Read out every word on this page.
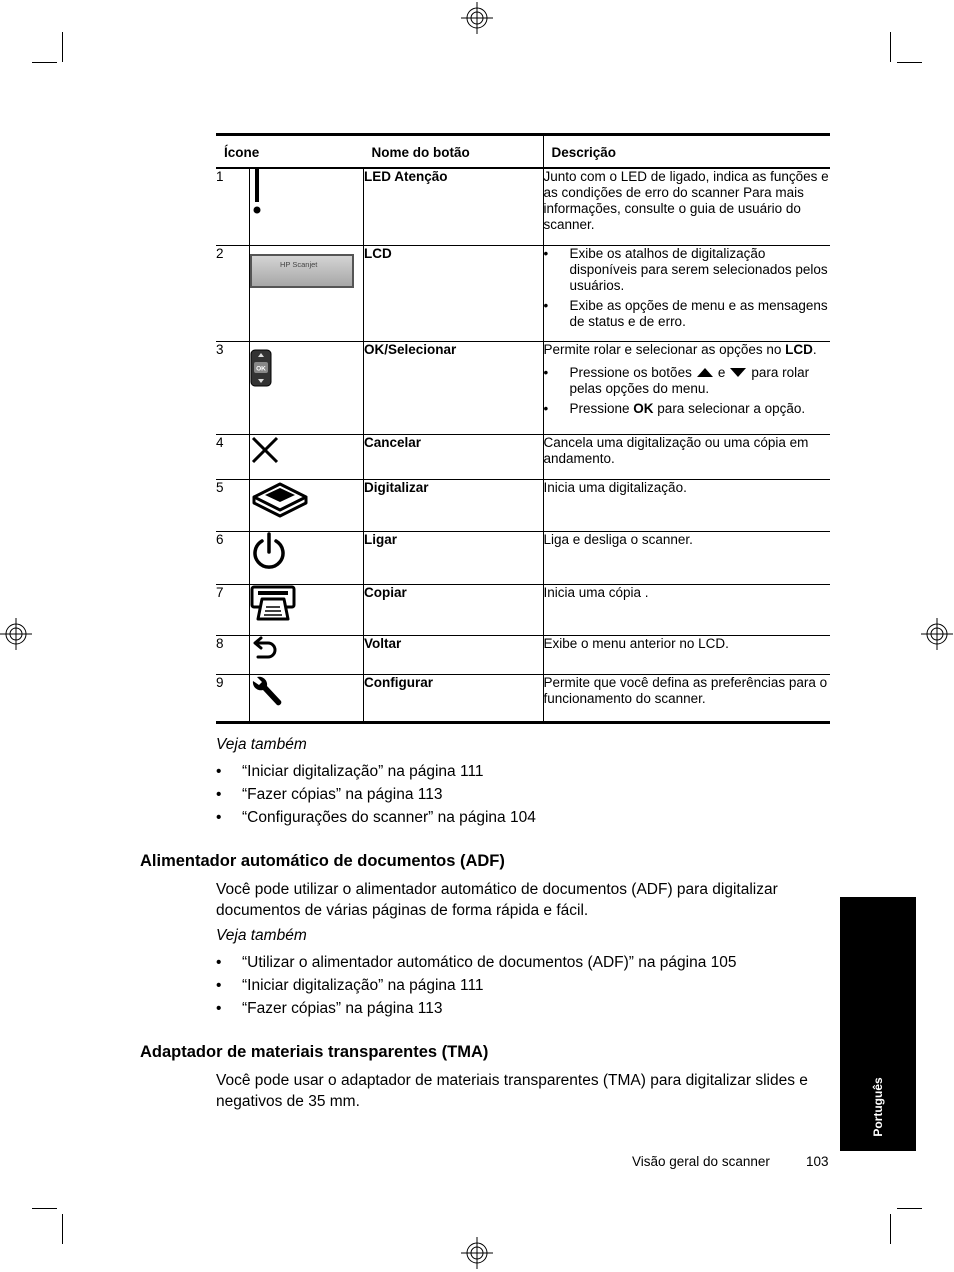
Ícone		Nome do botão	Descrição
1		LED Atenção	Junto com o LED de ligado, indica as funções e as condições de erro do scanner Para mais informações, consulte o guia de usuário do scanner.
2	HP Scanjet	LCD	• Exibe os atalhos de digitalização disponíveis para serem selecionados pelos usuários.
• Exibe as opções de menu e as mensagens de status e de erro.

3	OK	OK/Selecionar	Permite rolar e selecionar as opções no LCD.
• Pressione os botões e para rolar pelas opções do menu.
• Pressione OK para selecionar a opção.

4		Cancelar	Cancela uma digitalização ou uma cópia em andamento.
5		Digitalizar	Inicia uma digitalização.
6		Ligar	Liga e desliga o scanner.
7		Copiar	Inicia uma cópia .
8		Voltar	Exibe o menu anterior no LCD.
9		Configurar	Permite que você defina as preferências para o funcionamento do scanner.
Veja também
•	“Iniciar digitalização” na página 111
•	“Fazer cópias” na página 113
•	“Configurações do scanner” na página 104
Alimentador automático de documentos (ADF)
Você pode utilizar o alimentador automático de documentos (ADF) para digitalizar documentos de várias páginas de forma rápida e fácil.
Veja também
•	“Utilizar o alimentador automático de documentos (ADF)” na página 105
•	“Iniciar digitalização” na página 111
•	“Fazer cópias” na página 113
Adaptador de materiais transparentes (TMA)
Você pode usar o adaptador de materiais transparentes (TMA) para digitalizar slides e negativos de 35 mm.	Português
Visão geral do scanner	103
